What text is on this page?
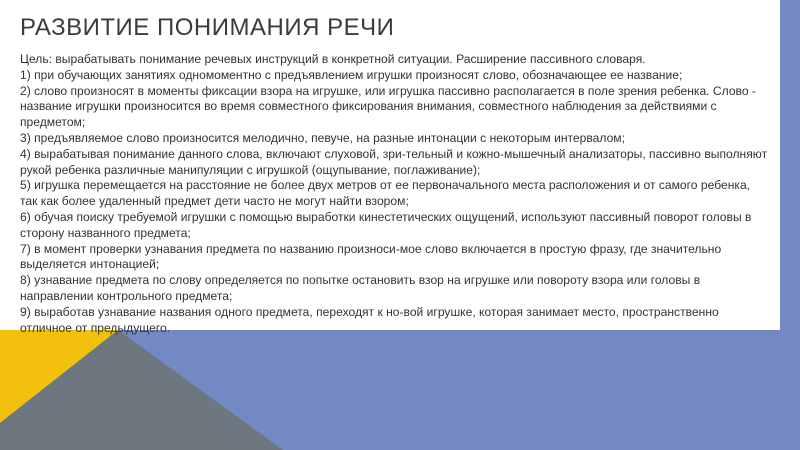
РАЗВИТИЕ ПОНИМАНИЯ РЕЧИ

Цель: вырабатывать понимание речевых инструкций в конкретной ситуации. Расширение пассивного словаря.

1) при обучающих занятиях одномоментно с предъявлением игрушки произносят слово, обозначающее ее название;

2) слово произносят в моменты фиксации взора на игрушке, или игрушка пассивно располагается в поле зрения ребенка. Слово - название игрушки произносится во время совместного фиксирования внимания, совместного наблюдения за действиями с предметом;

3) предъявляемое слово произносится мелодично, певуче, на разные интонации с некоторым интервалом;

4) вырабатывая понимание данного слова, включают слуховой, зри-тельный и кожно-мышечный анализаторы, пассивно выполняют рукой ребенка различные манипуляции с игрушкой (ощупывание, поглаживание);

5) игрушка перемещается на расстояние не более двух метров от ее первоначального места расположения и от самого ребенка, так как более удаленный предмет дети часто не могут найти взором;

6) обучая поиску требуемой игрушки с помощью выработки кинестетических ощущений, используют пассивный поворот головы в сторону названного предмета;

7) в момент проверки узнавания предмета по названию произноси-мое слово включается в простую фразу, где значительно выделяется интонацией;

8) узнавание предмета по слову определяется по попытке остановить взор на игрушке или повороту взора или головы в направлении контрольного предмета;

9) выработав узнавание названия одного предмета, переходят к но-вой игрушке, которая занимает место, пространственно отличное от предыдущего.
